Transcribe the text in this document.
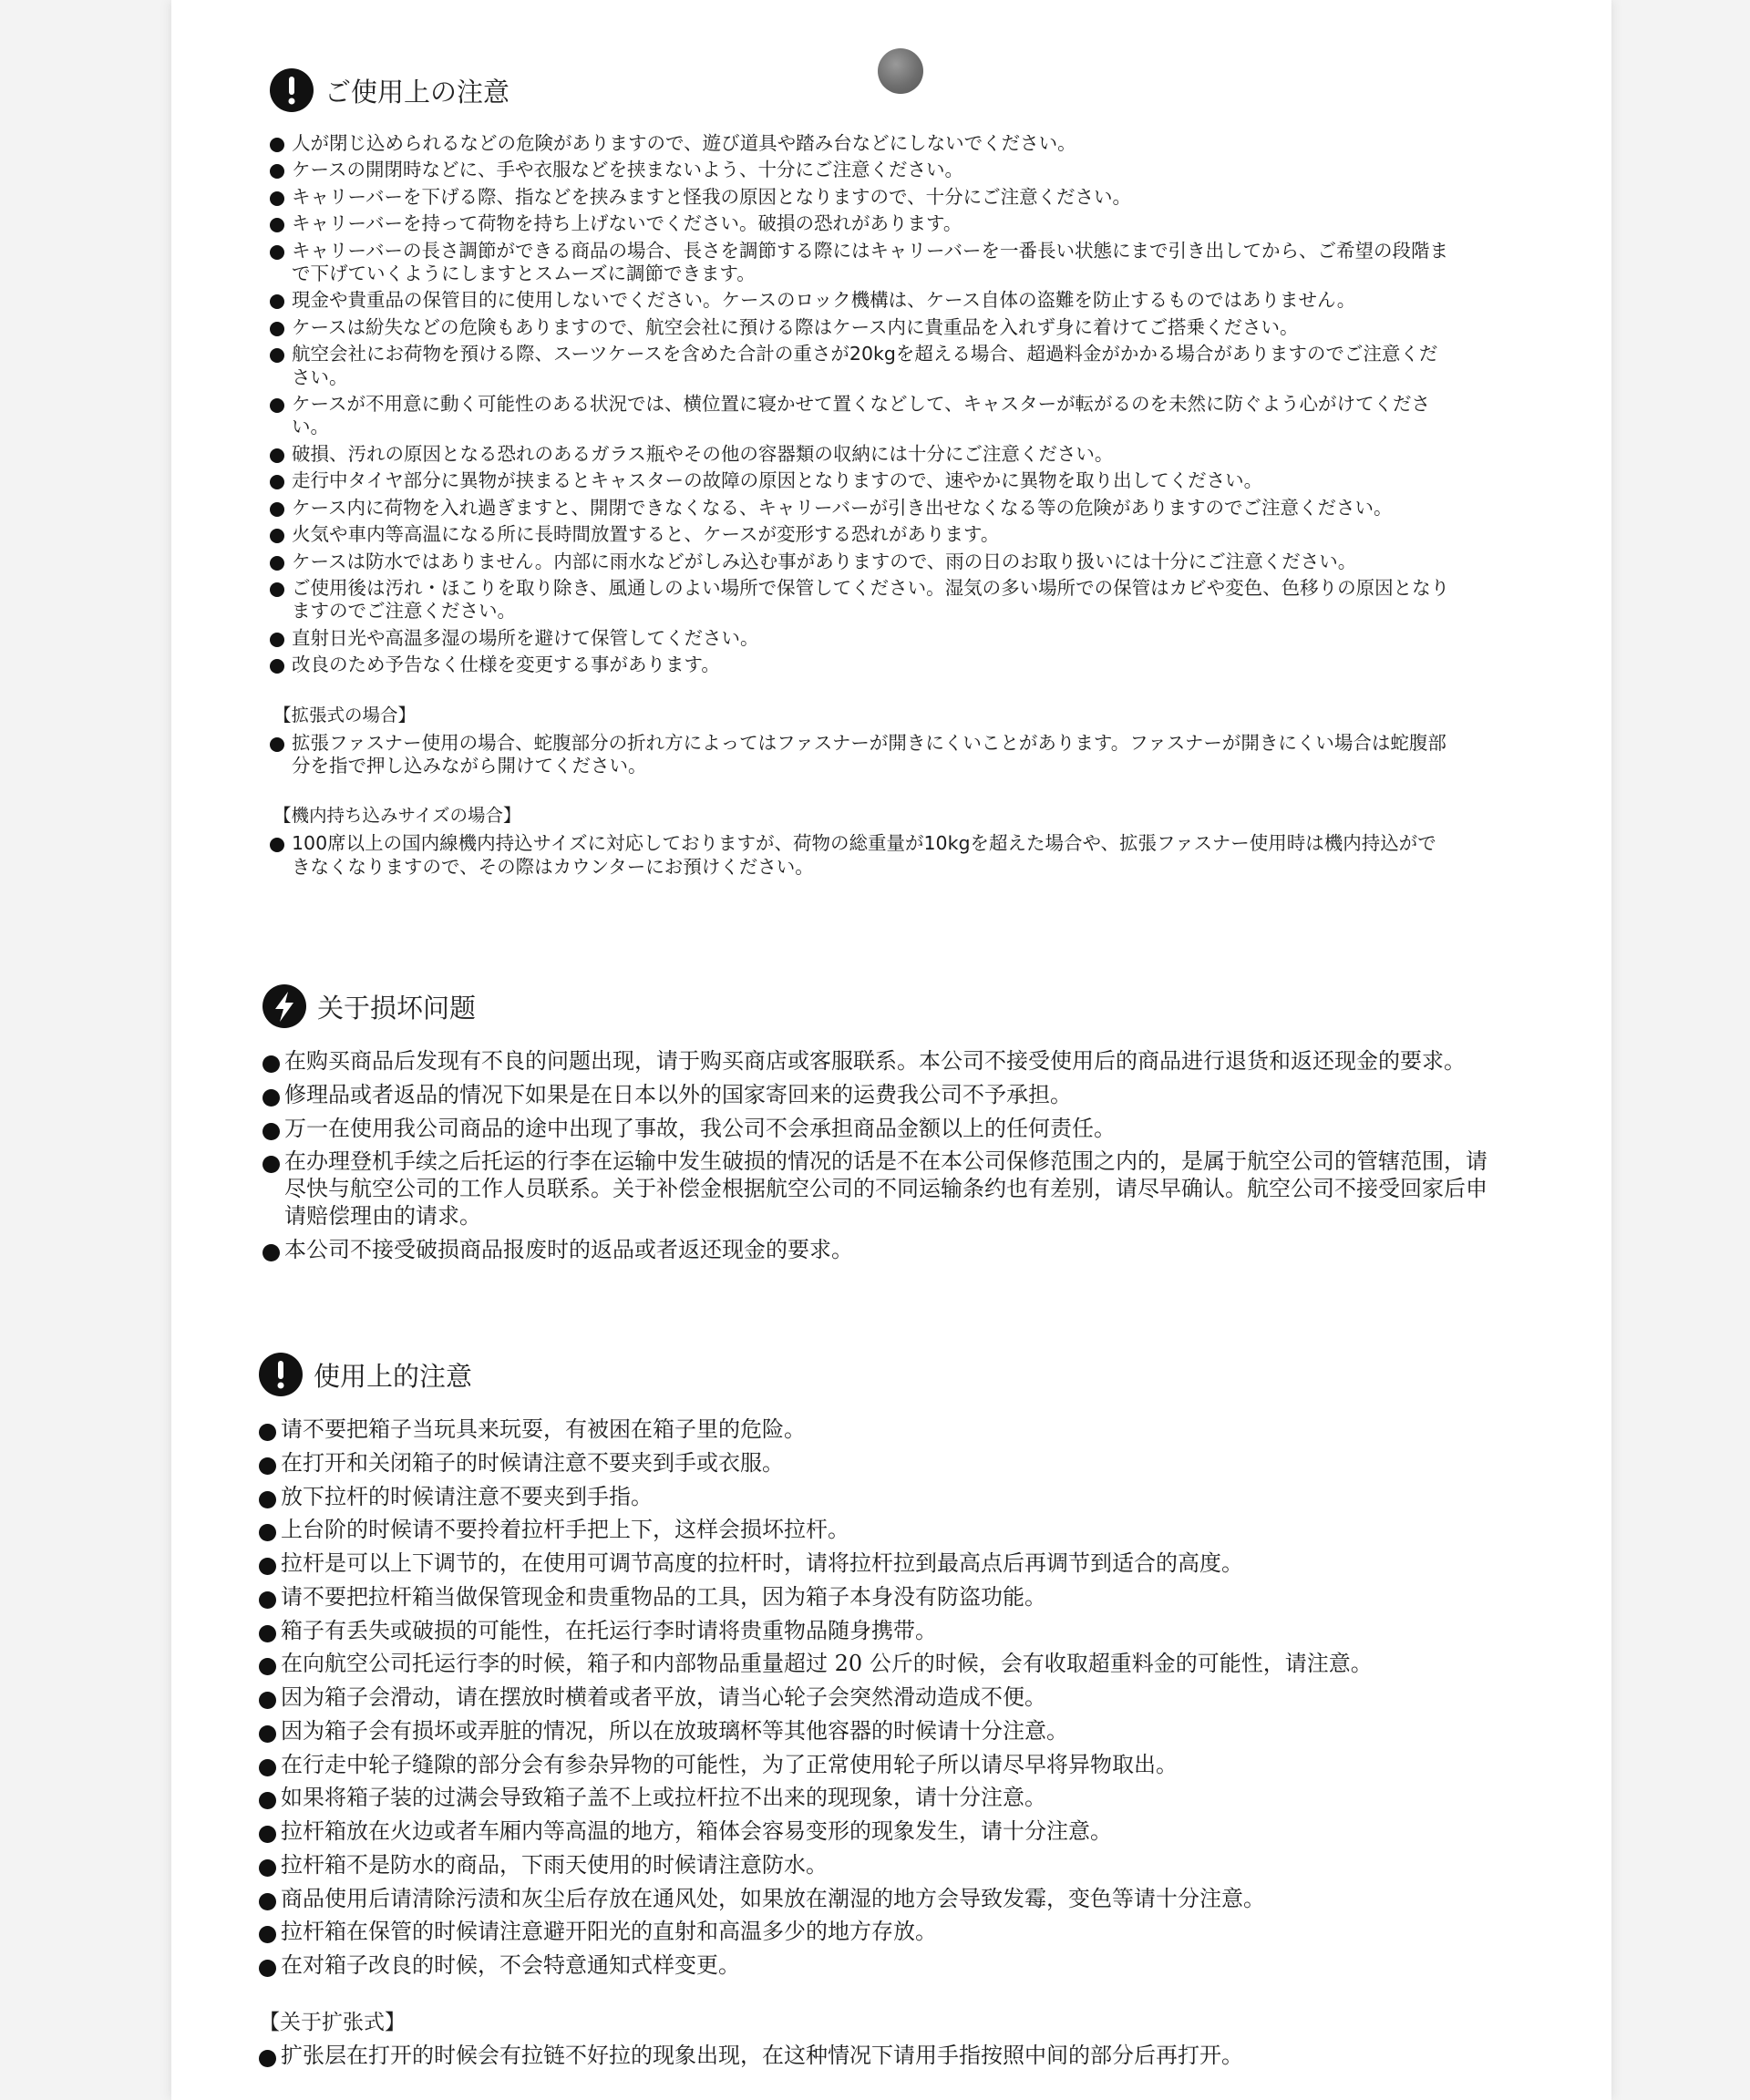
ご使用上の注意
人が閉じ込められるなどの危険がありますので、遊び道具や踏み台などにしないでください。
ケースの開閉時などに、手や衣服などを挟まないよう、十分にご注意ください。
キャリーバーを下げる際、指などを挟みますと怪我の原因となりますので、十分にご注意ください。
キャリーバーを持って荷物を持ち上げないでください。破損の恐れがあります。
キャリーバーの長さ調節ができる商品の場合、長さを調節する際にはキャリーバーを一番長い状態にまで引き出してから、ご希望の段階まで下げていくようにしますとスムーズに調節できます。
現金や貴重品の保管目的に使用しないでください。ケースのロック機構は、ケース自体の盗難を防止するものではありません。
ケースは紛失などの危険もありますので、航空会社に預ける際はケース内に貴重品を入れず身に着けてご搭乗ください。
航空会社にお荷物を預ける際、スーツケースを含めた合計の重さが20kgを超える場合、超過料金がかかる場合がありますのでご注意ください。
ケースが不用意に動く可能性のある状況では、横位置に寝かせて置くなどして、キャスターが転がるのを未然に防ぐよう心がけてください。
破損、汚れの原因となる恐れのあるガラス瓶やその他の容器類の収納には十分にご注意ください。
走行中タイヤ部分に異物が挟まるとキャスターの故障の原因となりますので、速やかに異物を取り出してください。
ケース内に荷物を入れ過ぎますと、開閉できなくなる、キャリーバーが引き出せなくなる等の危険がありますのでご注意ください。
火気や車内等高温になる所に長時間放置すると、ケースが変形する恐れがあります。
ケースは防水ではありません。内部に雨水などがしみ込む事がありますので、雨の日のお取り扱いには十分にご注意ください。
ご使用後は汚れ・ほこりを取り除き、風通しのよい場所で保管してください。湿気の多い場所での保管はカビや変色、色移りの原因となりますのでご注意ください。
直射日光や高温多湿の場所を避けて保管してください。
改良のため予告なく仕様を変更する事があります。
【拡張式の場合】
拡張ファスナー使用の場合、蛇腹部分の折れ方によってはファスナーが開きにくいことがあります。ファスナーが開きにくい場合は蛇腹部分を指で押し込みながら開けてください。
【機内持ち込みサイズの場合】
100席以上の国内線機内持込サイズに対応しておりますが、荷物の総重量が10kgを超えた場合や、拡張ファスナー使用時は機内持込ができなくなりますので、その際はカウンターにお預けください。
关于损坏问题
在购买商品后发现有不良的问题出现，请于购买商店或客服联系。本公司不接受使用后的商品进行退货和返还现金的要求。
修理品或者返品的情况下如果是在日本以外的国家寄回来的运费我公司不予承担。
万一在使用我公司商品的途中出现了事故，我公司不会承担商品金额以上的任何责任。
在办理登机手续之后托运的行李在运输中发生破损的情况的话是不在本公司保修范围之内的，是属于航空公司的管辖范围，请尽快与航空公司的工作人员联系。关于补偿金根据航空公司的不同运输条约也有差别，请尽早确认。航空公司不接受回家后申请赔偿理由的请求。
本公司不接受破损商品报废时的返品或者返还现金的要求。
使用上的注意
请不要把箱子当玩具来玩耍，有被困在箱子里的危险。
在打开和关闭箱子的时候请注意不要夹到手或衣服。
放下拉杆的时候请注意不要夹到手指。
上台阶的时候请不要拎着拉杆手把上下，这样会损坏拉杆。
拉杆是可以上下调节的，在使用可调节高度的拉杆时，请将拉杆拉到最高点后再调节到适合的高度。
请不要把拉杆箱当做保管现金和贵重物品的工具，因为箱子本身没有防盗功能。
箱子有丢失或破损的可能性，在托运行李时请将贵重物品随身携带。
在向航空公司托运行李的时候，箱子和内部物品重量超过 20 公斤的时候，会有收取超重料金的可能性，请注意。
因为箱子会滑动，请在摆放时横着或者平放，请当心轮子会突然滑动造成不便。
因为箱子会有损坏或弄脏的情况，所以在放玻璃杯等其他容器的时候请十分注意。
在行走中轮子缝隙的部分会有参杂异物的可能性，为了正常使用轮子所以请尽早将异物取出。
如果将箱子装的过满会导致箱子盖不上或拉杆拉不出来的现现象，请十分注意。
拉杆箱放在火边或者车厢内等高温的地方，箱体会容易变形的现象发生，请十分注意。
拉杆箱不是防水的商品，下雨天使用的时候请注意防水。
商品使用后请清除污渍和灰尘后存放在通风处，如果放在潮湿的地方会导致发霉，变色等请十分注意。
拉杆箱在保管的时候请注意避开阳光的直射和高温多少的地方存放。
在对箱子改良的时候，不会特意通知式样变更。
【关于扩张式】
扩张层在打开的时候会有拉链不好拉的现象出现，在这种情况下请用手指按照中间的部分后再打开。
